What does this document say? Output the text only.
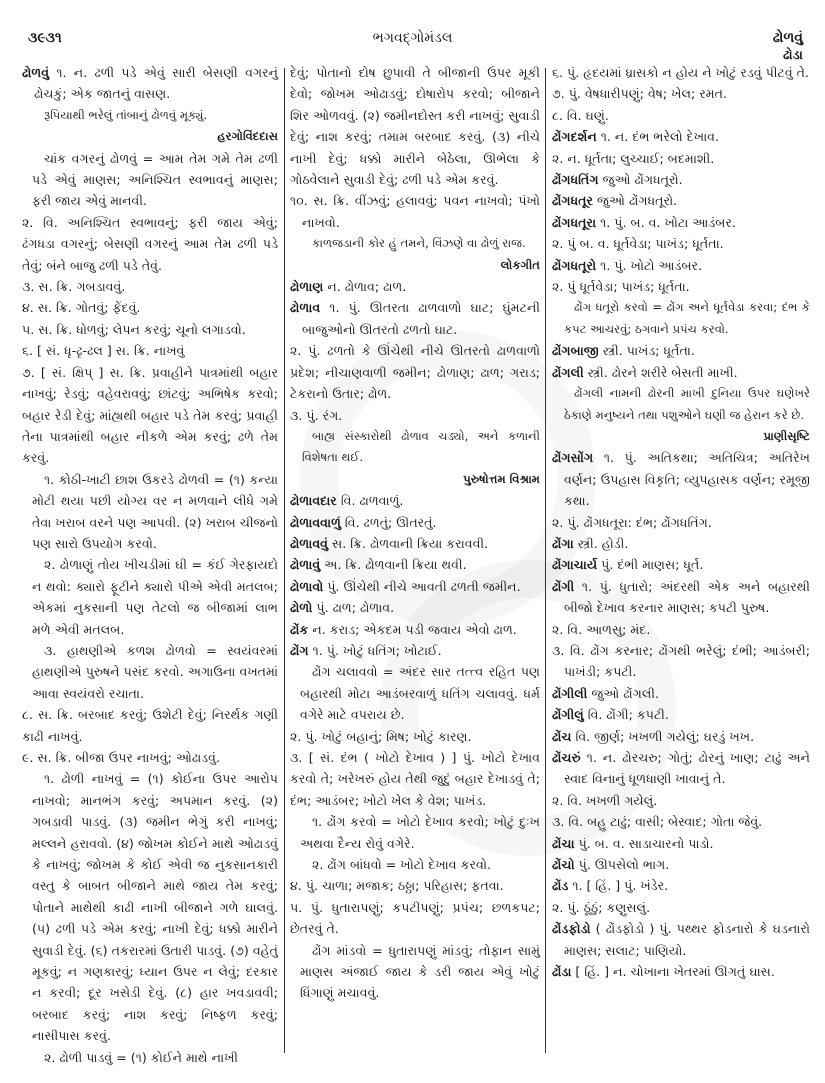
૩૯૩૧	ભગવદ્ગોમંડલ	ઢોળવું
ઢોડા

ઢોળવું ૧. ન. ઢળી પડે એવું સારી બેસણી વગરનું ઢોચકું; એક જાતનું વાસણ.

રૂપિયાથી ભરેલું તાંબાનું ઢોળવું મૂક્યું.

હરગોવિંદદાસ

ચાંક વગરનું ઢોળવું = આમ તેમ ગમે તેમ ઢળી પડે એવું માણસ; અનિશ્ચિત સ્વભાવનું માણસ; ફરી જાય એવું માનવી.

૨. વિ. અનિશ્ચિત સ્વભાવનું; ફરી જાય એવું; ઢંગધડા વગરનું; બેસણી વગરનું આમ તેમ ઢળી પડે તેવું; બંને બાજુ ઢળી પડે તેવું.

૩. સ. ક્રિ. ગબડાવવું.

૪. સ. ક્રિ. ગોતવું; ફેંદવું.

૫. સ. ક્રિ. ધોળવું; લેપન કરવું; ચૂનો લગાડવો.

૬. [ સં. ધૃ-ઢૃ-ઢલ ] સ. ક્રિ. નાખવું

૭. [ સં. ક્ષિપ્ ] સ. ક્રિ. પ્રવાહીને પાત્રમાંથી બહાર નાખવું; રેડવું; વહેવરાવવું; છાંટવું; અભિષેક કરવો; બહાર રેડી દેવું; માંહ્યથી બહાર પડે તેમ કરવું; પ્રવાહી તેના પાત્રમાંથી બહાર નીકળે એમ કરવું; ઢળે તેમ કરવું.

૧. કોઠી-ખાટી છાશ ઉકરડે ઢોળવી = (૧) કન્યા મોટી થયા પછી યોગ્ય વર ન મળવાને લીધે ગમે તેવા ખરાબ વરને પણ આપવી. (૨) ખરાબ ચીજનો પણ સારો ઉપયોગ કરવો.

૨. ઢોળાણું તોય ખીચડીમાં ઘી = કંઈ ગેરફાયદો ન થવો: ક્યારો ફૂટીને ક્યારો પીએ એવી મતલબ; એકમાં નુકસાની પણ તેટલો જ બીજામાં લાભ મળે એવી મતલબ.

૩. હાથણીએ કળશ ઢોળવો = સ્વયંવરમાં હાથણીએ પુરુષને પસંદ કરવો. અગાઉના વખતમાં આવા સ્વયંવરો રચાતા.

૮. સ. ક્રિ. બરબાદ કરવું; ઉશેટી દેવું; નિરર્થક ગણી કાઢી નાખવું.

૯. સ. ક્રિ. બીજા ઉપર નાખવું; ઓઢાડવું.

૧. ઢોળી નાખવું = (૧) કોઈના ઉપર આરોપ નાખવો; માનભંગ કરવું; અપમાન કરવું. (૨) ગબડાવી પાડવું. (૩) જમીન ભેગું કરી નાખવું; મલ્લને હરાવવો. (૪) જોખમ કોઈને માથે ઓઢાડવું કે નાખવું; જોખમ કે કોઈ એવી જ નુકસાનકારી વસ્તુ કે બાબત બીજાને માથે જાય તેમ કરવું; પોતાને માથેથી કાઢી નાખી બીજાને ગળે ઘાલવું. (૫) ઢળી પડે એમ કરવું; નાખી દેવું; ધક્કો મારીને સુવાડી દેવું. (૬) તકરારમાં ઉતારી પાડવું. (૭) વહેતું મૂકવું; ન ગણકારવું; ધ્યાન ઉપર ન લેવું; દરકાર ન કરવી; દૂર ખસેડી દેવું. (૮) હાર ખવડાવવી; બરબાદ કરવું; નાશ કરવું; નિષ્ફળ કરવું; નાસીપાસ કરવું.

૨. ઢોળી પાડવું = (૧) કોઈને માથે નાખી

દેવું; પોતાનો દોષ છુપાવી તે બીજાની ઉપર મૂકી દેવો; જોખમ ઓઢાડવું; દોષારોપ કરવો; બીજાને શિર ઓળવવું. (૨) જમીનદોસ્ત કરી નાખવું; સુવાડી દેવું; નાશ કરવું; તમામ બરબાદ કરવું. (૩) નીચે નાખી દેવું; ધક્કો મારીને બેઠેલા, ઊભેલા કે ગોઠવેલાને સુવાડી દેવું; ઢળી પડે એમ કરવું.

૧૦. સ. ક્રિ. વીંઝવું; હલાવવું; પવન નાખવો; પંખો નાખવો.

કાળજડાની કોર હું તમને, વિંઝણે વા ઢોળું રાજ.

લોકગીત

ઢોળાણ ન. ઢોળાવ; ઢાળ.

ઢોળાવ ૧. પું. ઊતરતા ઢાળવાળો ઘાટ; ઘુંમટની બાજુઓનો ઊતરતો ઢળતો ઘાટ.

૨. પું. ઢળતો કે ઊંચેથી નીચે ઊતરતો ઢાળવાળો પ્રદેશ; નીચાણવાળી જમીન; ઢોળાણ; ઢાળ; ગરાડ; ટેકરાનો ઉતાર; ઢોળ.

૩. પું. રંગ.

બાહ્ય સંસ્કારોથી ઢોળાવ ચડ્યો, અને કળાની વિશેષતા થઈ.

પુરુષોત્તમ વિશ્રામ

ઢોળાવદાર વિ. ઢાળવાળું.

ઢોળાવવાળું વિ. ઢળતું; ઊતરતું.

ઢોળાવવું સ. ક્રિ. ઢોળવાની ક્રિયા કરાવવી.

ઢોળાવું અ. ક્રિ. ઢોળવાની ક્રિયા થવી.

ઢોળાવો પું. ઊંચેથી નીચે આવતી ઢળતી જમીન.

ઢોળો પું. ઢાળ; ઢોળાવ.

ઢોંક ન. કરાડ; એકદમ પડી જવાય એવો ઢાળ.

ઢોંગ ૧. પું. ખોટું ધતિંગ; ખોટાઈ.

ઢોંગ ચલાવવો = અંદર સાર તત્ત્વ રહિત પણ બહારથી મોટા આડંબરવાળું ધતિંગ ચલાવવું. ધર્મ વગેરે માટે વપરાય છે.

૨. પું. ખોટું બહાનું; મિષ; ખોટું કારણ.

૩. [ સં. દંભ ( ખોટો દેખાવ ) ] પું. ખોટો દેખાવ કરવો તે; ખરેખરું હોય તેથી જુદું બહાર દેખાડવું તે; દંભ; આડંબર; ખોટો ખેલ કે વેશ; પાખંડ.

૧. ઢોંગ કરવો = ખોટો દેખાવ કરવો; ખોટું દુઃખ અથવા દૈન્ય રોવું વગેરે.

૨. ઢોંગ બાંધવો = ખોટો દેખાવ કરવો.

૪. પું. ચાળા; મજાક; ઠઠ્ઠા; પરિહાસ; ફતવા.

૫. પું. ધુતારાપણું; કપટીપણું; પ્રપંચ; છળકપટ; છેતરવું તે.

ઢોંગ માંડવો = ધુતારાપણું માંડવું; તોફાન સામું માણસ અંજાઈ જાય કે ડરી જાય એવું ખોટું ધિંગાણું મચાવવું.

૬. પું. હૃદયમાં ધ્રાસકો ન હોય ને ખોટું રડવું પીટવું તે.

૭. પું. વેષધારીપણું; વેષ; ખેલ; રમત.

૮. વિ. ઘણું.

ઢોંગદર્શન ૧. ન. દંભ ભરેલો દેખાવ.

૨. ન. ધૂર્તતા; લુચ્ચાઈ; બદમાશી.

ઢોંગધતિંગ જુઓ ઢોંગધતૂરો.

ઢોંગધતૂર જુઓ ઢોંગધતૂરો.

ઢોંગધતૂરા ૧. પું. બ. વ. ખોટા આડંબર.

૨. પું બ. વ. ધૂર્તવેડા; પાખંડ; ધૂર્તતા.

ઢોંગધતૂરો ૧. પું. ખોટો આડંબર.

૨. પું ધૂર્તવેડા; પાખંડ; ધૂર્તતા.

ઢોંગ ધતૂરો કરવો = ઢોંગ અને ધૂર્તવેડા કરવા; દંભ કે કપટ આચરવું; ઠગવાને પ્રપંચ કરવો.

ઢોંગબાજી સ્ત્રી. પાખંડ; ધૂર્તતા.

ઢોંગલી સ્ત્રી. ઢોરને શરીરે બેસતી માખી.

ઢોંગલી નામની ઢોરની માખી દુનિયા ઉપર ઘણેખરે ઠેકાણે મનુષ્યને તથા પશુઓને ઘણી જ હેરાન કરે છે.

પ્રાણીસૃષ્ટિ

ઢોંગસોંગ ૧. પું. અતિકથા; અતિચિત્ર; અતિરેખ વર્ણન; ઉપહાસ વિકૃતિ; વ્યુપહાસક વર્ણન; રમૂજી કથા.

૨. પું. ઢોંગધતૂરા: દંભ; ઢોંગધતિંગ.

ઢોંગા સ્ત્રી. હોડી.

ઢોંગાચાર્ય પું. દંભી માણસ; ધૂર્ત.

ઢોંગી ૧. પું. ધુતારો; અંદરથી એક અને બહારથી બીજો દેખાવ કરનાર માણસ; કપટી પુરુષ.

૨. વિ. આળસુ; મંદ.

૩. વિ. ઢોંગ કરનાર; ઢોંગથી ભરેલું; દંભી; આડંબરી; પાખંડી; કપટી.

ઢોંગીલી જુઓ ઢોંગલી.

ઢોંગીલું વિ. ઢોંગી; કપટી.

ઢોંચ વિ. જીર્ણ; ખખળી ગયેલું; ઘરડું ખખ.

ઢોંચરું ૧. ન. ઢોરચરુ; ગોતું; ઢોરનું ખાણ; ટાઢું અને સ્વાદ વિનાનું ધૂળધાણી ખાવાનું તે.

૨. વિ. ખખળી ગયેલું.

૩. વિ. બહુ ટાઢું; વાસી; બેસ્વાદ; ગોતા જેવું.

ઢોંચા પું. બ. વ. સાડાચારનો પાડો.

ઢોંચો પું. ઊપસેલો ભાગ.

ઢોંડ ૧. [ હિં. ] પું. ખંડેર.

૨. પું. ઠૂંઠું; કણુસલું.

ઢોંડફોડો ( ઢોંડફોડો ) પું. પથ્થર ફોડનારો કે ઘડનારો માણસ; સલાટ; પાણિયો.

ઢોંડા [ હિં. ] ન. ચોખાના ખેતરમાં ઊગતું ઘાસ.
